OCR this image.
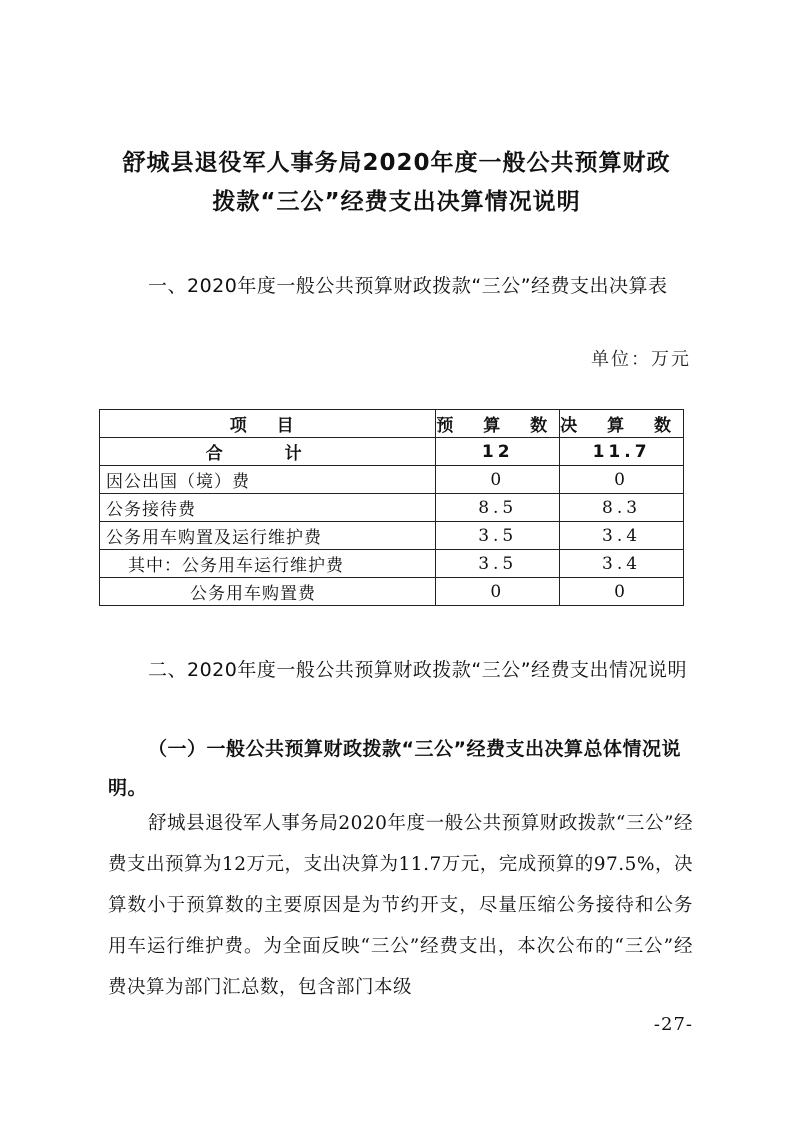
舒城县退役军人事务局2020年度一般公共预算财政
拨款“三公”经费支出决算情况说明
一、2020年度一般公共预算财政拨款“三公”经费支出决算表
单位：万元
项 目	预 算 数	决 算 数
合 计	12	11.7
因公出国（境）费	0	0
公务接待费	8.5	8.3
公务用车购置及运行维护费	3.5	3.4
其中：公务用车运行维护费	3.5	3.4
公务用车购置费	0	0
二、2020年度一般公共预算财政拨款“三公”经费支出情况说明
（一）一般公共预算财政拨款“三公”经费支出决算总体情况说明。
舒城县退役军人事务局2020年度一般公共预算财政拨款“三公”经费支出预算为12万元，支出决算为11.7万元，完成预算的97.5%，决算数小于预算数的主要原因是为节约开支，尽量压缩公务接待和公务用车运行维护费。为全面反映“三公”经费支出，本次公布的“三公”经费决算为部门汇总数，包含部门本级
-27-
